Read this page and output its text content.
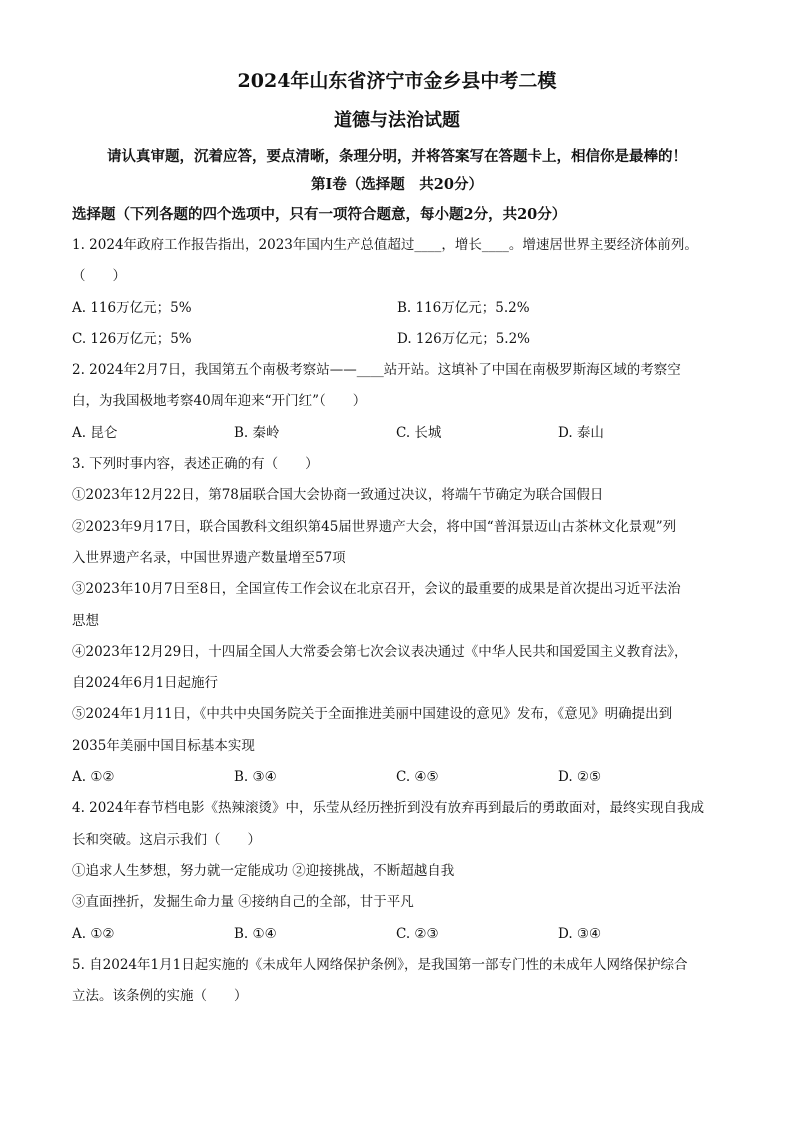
2024年山东省济宁市金乡县中考二模
道德与法治试题

请认真审题，沉着应答，要点清晰，条理分明，并将答案写在答题卡上，相信你是最棒的！

第Ⅰ卷（选择题　共20分）

选择题（下列各题的四个选项中，只有一项符合题意，每小题2分，共20分）

1. 2024年政府工作报告指出，2023年国内生产总值超过____，增长____。增速居世界主要经济体前列。

（　　）

A. 116万亿元；5%	B. 116万亿元；5.2%
C. 126万亿元；5%	D. 126万亿元；5.2%

2. 2024年2月7日，我国第五个南极考察站——____站开站。这填补了中国在南极罗斯海区域的考察空

白，为我国极地考察40周年迎来“开门红”（　　）

A. 昆仑	B. 秦岭	C. 长城	D. 泰山

3. 下列时事内容，表述正确的有（　　）

①2023年12月22日，第78届联合国大会协商一致通过决议，将端午节确定为联合国假日

②2023年9月17日，联合国教科文组织第45届世界遗产大会，将中国“普洱景迈山古茶林文化景观”列

入世界遗产名录，中国世界遗产数量增至57项

③2023年10月7日至8日，全国宣传工作会议在北京召开，会议的最重要的成果是首次提出习近平法治

思想

④2023年12月29日，十四届全国人大常委会第七次会议表决通过《中华人民共和国爱国主义教育法》，

自2024年6月1日起施行

⑤2024年1月11日，《中共中央国务院关于全面推进美丽中国建设的意见》发布，《意见》明确提出到

2035年美丽中国目标基本实现

A. ①②	B. ③④	C. ④⑤	D. ②⑤

4. 2024年春节档电影《热辣滚烫》中，乐莹从经历挫折到没有放弃再到最后的勇敢面对，最终实现自我成

长和突破。这启示我们（　　）

①追求人生梦想，努力就一定能成功 ②迎接挑战，不断超越自我

③直面挫折，发掘生命力量 ④接纳自己的全部，甘于平凡

A. ①②	B. ①④	C. ②③	D. ③④

5. 自2024年1月1日起实施的《未成年人网络保护条例》，是我国第一部专门性的未成年人网络保护综合

立法。该条例的实施（　　）
